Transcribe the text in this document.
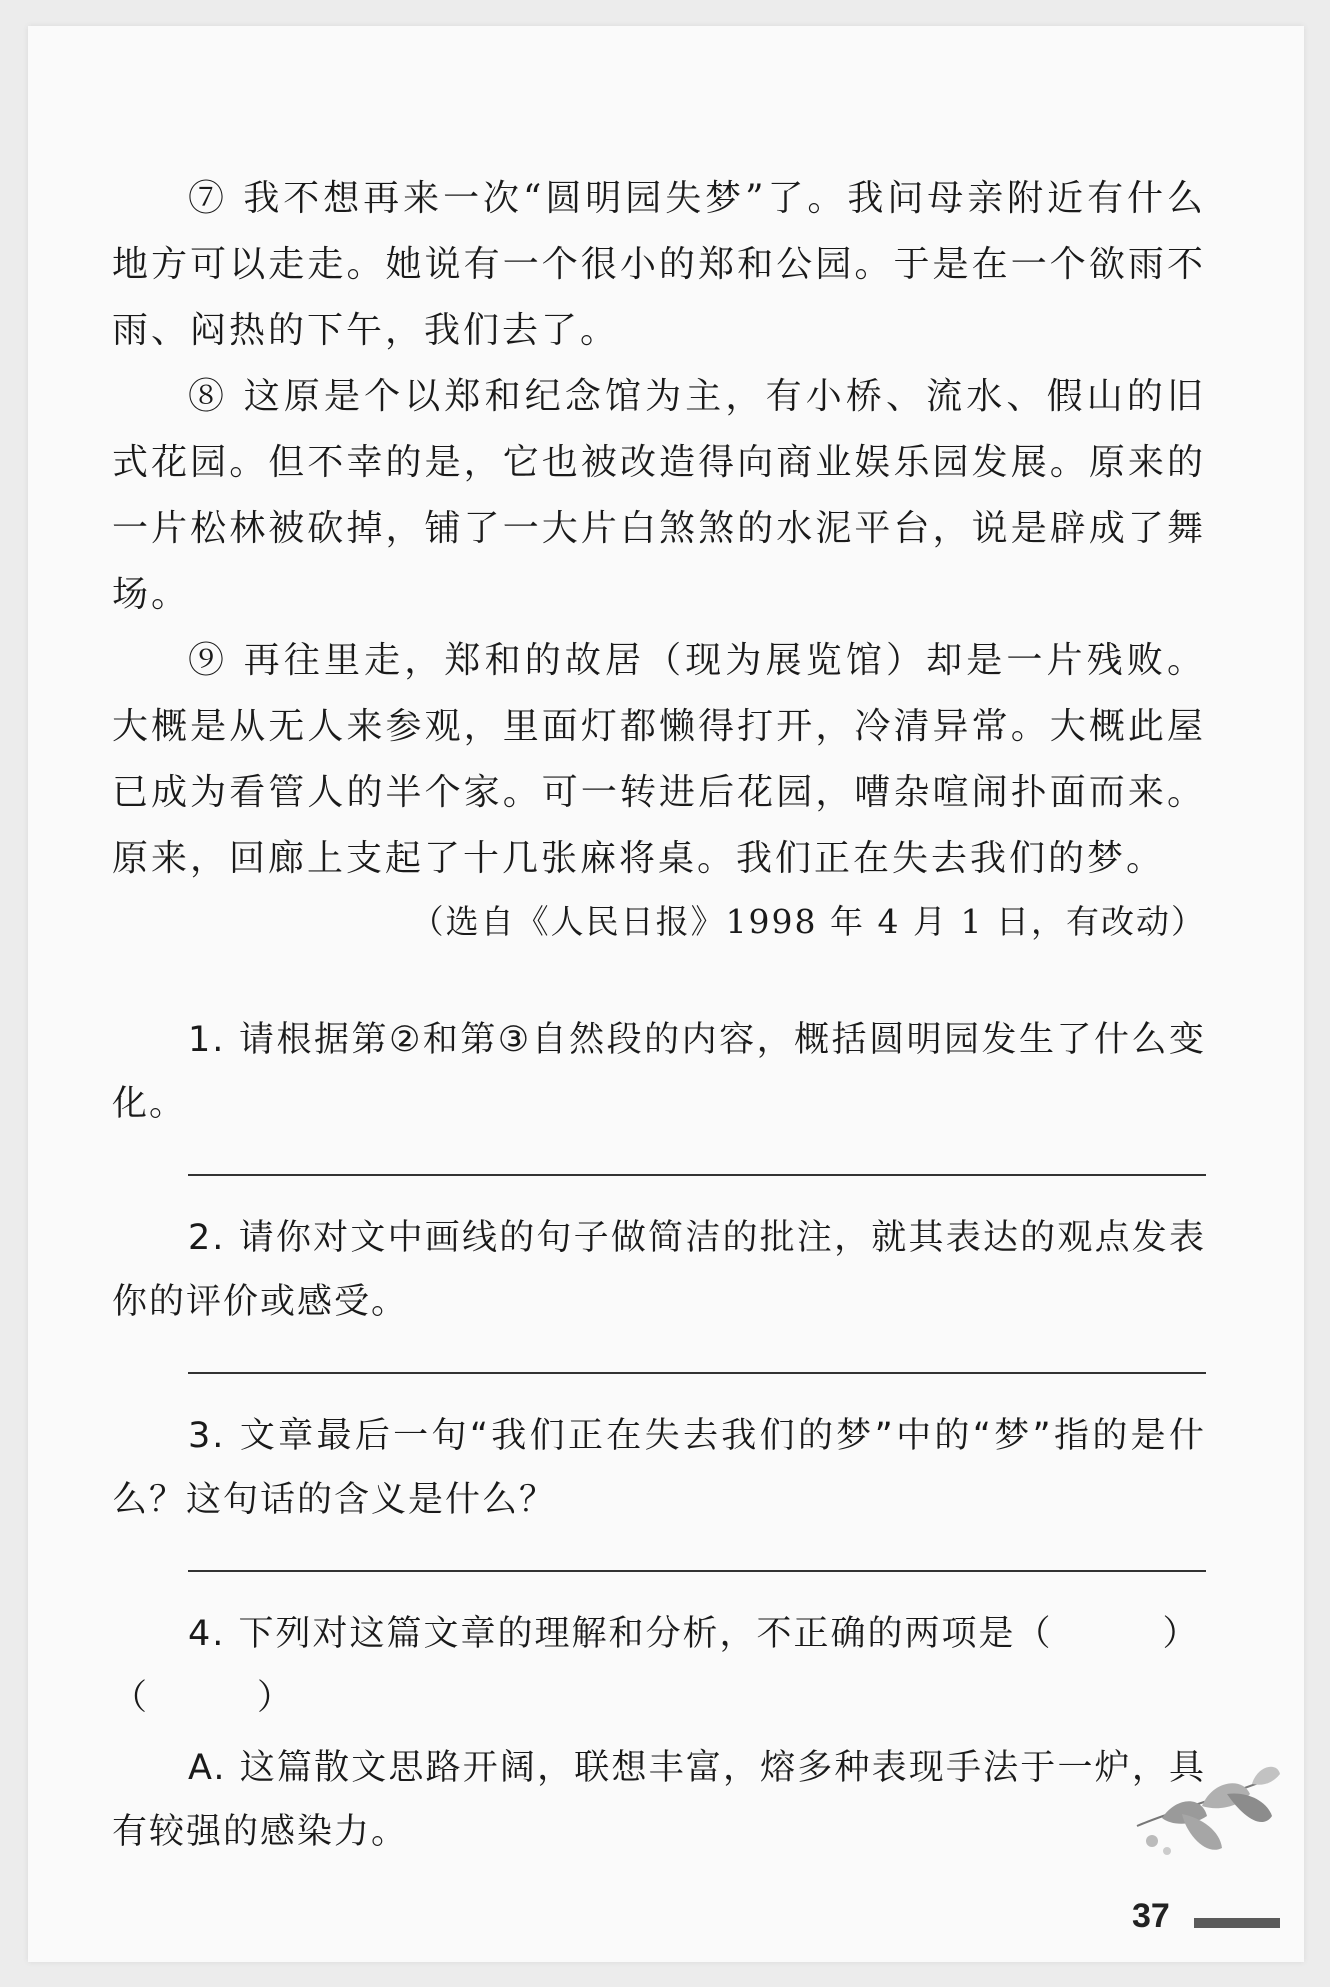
⑦ 我不想再来一次“圆明园失梦”了。我问母亲附近有什么地方可以走走。她说有一个很小的郑和公园。于是在一个欲雨不雨、闷热的下午，我们去了。

⑧ 这原是个以郑和纪念馆为主，有小桥、流水、假山的旧式花园。但不幸的是，它也被改造得向商业娱乐园发展。原来的一片松林被砍掉，铺了一大片白煞煞的水泥平台，说是辟成了舞场。

⑨ 再往里走，郑和的故居（现为展览馆）却是一片残败。大概是从无人来参观，里面灯都懒得打开，冷清异常。大概此屋已成为看管人的半个家。可一转进后花园，嘈杂喧闹扑面而来。原来，回廊上支起了十几张麻将桌。我们正在失去我们的梦。

（选自《人民日报》1998 年 4 月 1 日，有改动）

1. 请根据第②和第③自然段的内容，概括圆明园发生了什么变化。

2. 请你对文中画线的句子做简洁的批注，就其表达的观点发表你的评价或感受。

3. 文章最后一句“我们正在失去我们的梦”中的“梦”指的是什么？这句话的含义是什么？

4. 下列对这篇文章的理解和分析，不正确的两项是（	）

（	）

A. 这篇散文思路开阔，联想丰富，熔多种表现手法于一炉，具有较强的感染力。

37
